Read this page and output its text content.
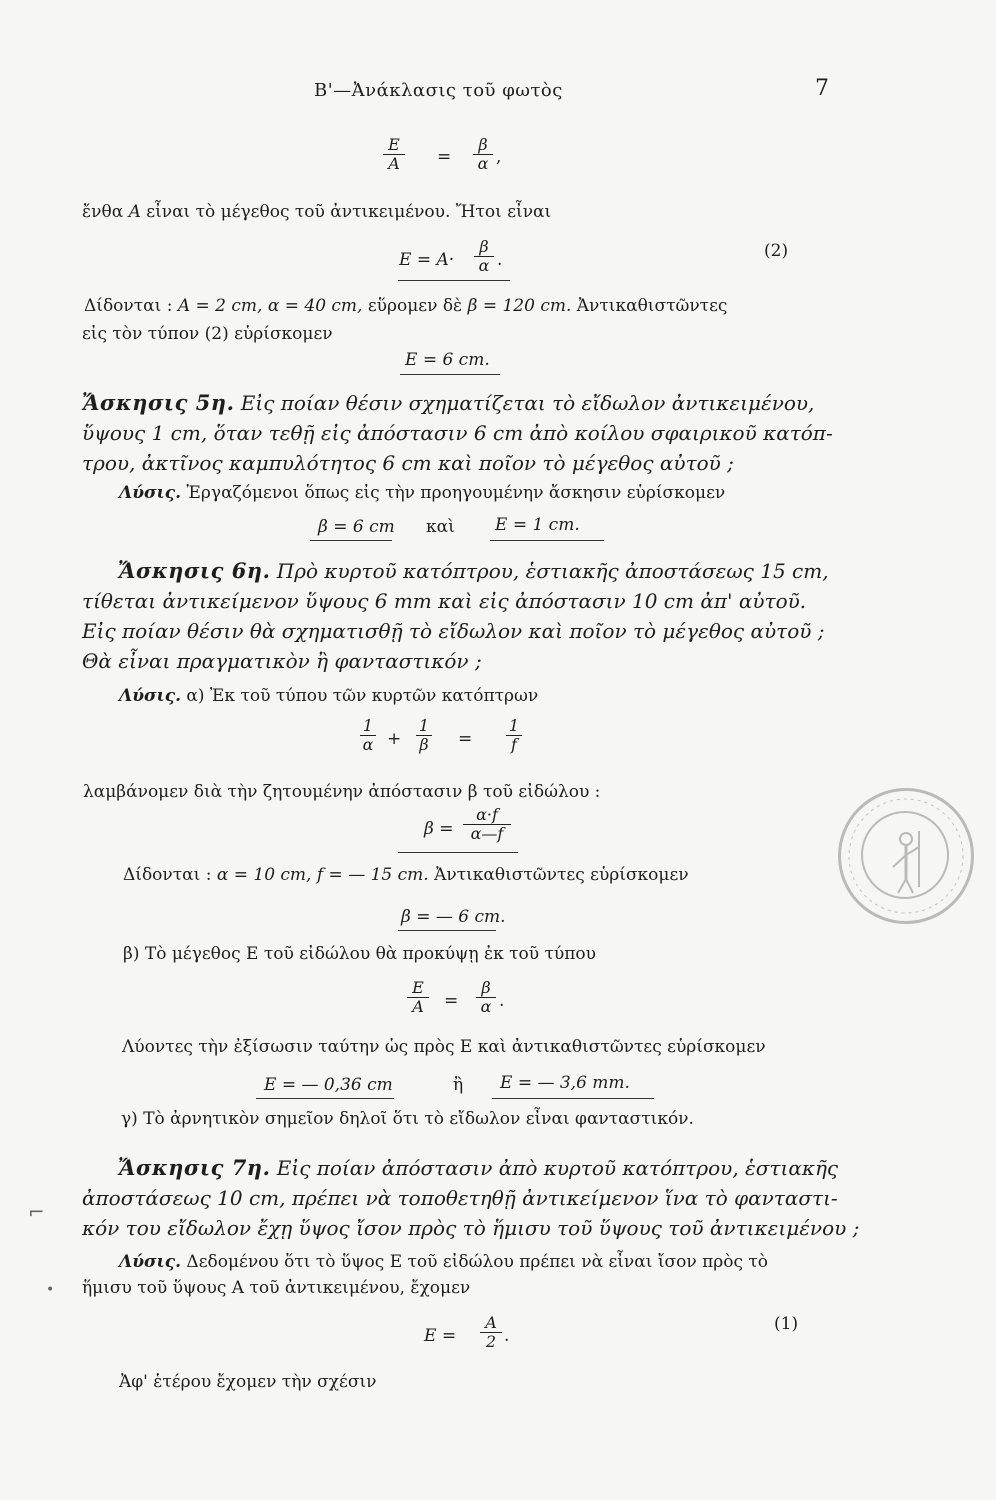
Β'—Ἀνάκλασις τοῦ φωτὸς	7
E
A	=
β
α ,
ἔνθα A εἶναι τὸ μέγεθος τοῦ ἀντικειμένου. Ἤτοι εἶναι
E = A·
β
α .	(2)
Δίδονται : A = 2 cm, α = 40 cm, εὕρομεν δὲ β = 120 cm. Ἀντικαθιστῶντες
εἰς τὸν τύπον (2) εὑρίσκομεν
E = 6 cm.
Ἄσκησις 5η. Εἰς ποίαν θέσιν σχηματίζεται τὸ εἴδωλον ἀντικειμένου,
ὕψους 1 cm, ὅταν τεθῇ εἰς ἀπόστασιν 6 cm ἀπὸ κοίλου σφαιρικοῦ κατόπ-
τρου, ἀκτῖνος καμπυλότητος 6 cm καὶ ποῖον τὸ μέγεθος αὐτοῦ ;
Λύσις. Ἐργαζόμενοι ὅπως εἰς τὴν προηγουμένην ἄσκησιν εὑρίσκομεν
β = 6 cm καὶ E = 1 cm.
Ἄσκησις 6η. Πρὸ κυρτοῦ κατόπτρου, ἑστιακῆς ἀποστάσεως 15 cm,
τίθεται ἀντικείμενον ὕψους 6 mm καὶ εἰς ἀπόστασιν 10 cm ἀπ' αὐτοῦ.
Εἰς ποίαν θέσιν θὰ σχηματισθῇ τὸ εἴδωλον καὶ ποῖον τὸ μέγεθος αὐτοῦ ;
Θὰ εἶναι πραγματικὸν ἢ φανταστικόν ;
Λύσις. α) Ἐκ τοῦ τύπου τῶν κυρτῶν κατόπτρων
1
α +
1
β =
1
f
λαμβάνομεν διὰ τὴν ζητουμένην ἀπόστασιν β τοῦ εἰδώλου :
β =
α·f
α—f
Δίδονται : α = 10 cm, f = — 15 cm. Ἀντικαθιστῶντες εὑρίσκομεν
β = — 6 cm.
β) Τὸ μέγεθος E τοῦ εἰδώλου θὰ προκύψῃ ἐκ τοῦ τύπου
E
A	=
β
α .
Λύοντες τὴν ἐξίσωσιν ταύτην ὡς πρὸς E καὶ ἀντικαθιστῶντες εὑρίσκομεν
E = — 0,36 cm	ἢ E = — 3,6 mm.
γ) Τὸ ἀρνητικὸν σημεῖον δηλοῖ ὅτι τὸ εἴδωλον εἶναι φανταστικόν.
Ἄσκησις 7η. Εἰς ποίαν ἀπόστασιν ἀπὸ κυρτοῦ κατόπτρου, ἑστιακῆς
ἀποστάσεως 10 cm, πρέπει νὰ τοποθετηθῇ ἀντικείμενον ἵνα τὸ φανταστι-
κόν του εἴδωλον ἔχῃ ὕψος ἴσον πρὸς τὸ ἥμισυ τοῦ ὕψους τοῦ ἀντικειμένου ;
Λύσις. Δεδομένου ὅτι τὸ ὕψος E τοῦ εἰδώλου πρέπει νὰ εἶναι ἴσον πρὸς τὸ
ἥμισυ τοῦ ὕψους A τοῦ ἀντικειμένου, ἔχομεν
E =
A
2 .
(1)
Ἀφ' ἑτέρου ἔχομεν τὴν σχέσιν
⌐
•
